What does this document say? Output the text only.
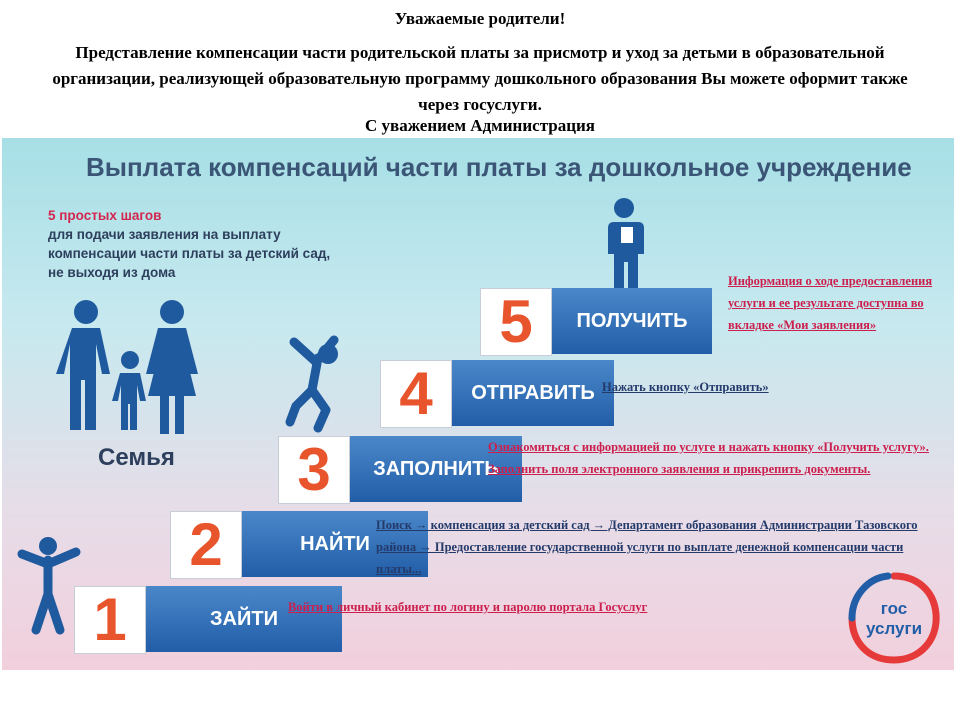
Уважаемые родители!
Представление компенсации части родительской платы за присмотр и уход за детьми в образовательной организации, реализующей образовательную программу дошкольного образования Вы можете оформит также через госуслуги.
С уважением Администрация
Выплата компенсаций части платы за дошкольное учреждение
5 простых шагов
для подачи заявления на выплату
компенсации части платы за детский сад,
не выходя из дома
Семья
1	ЗАЙТИ
Войти в личный кабинет по логину и паролю портала Госуслуг
2	НАЙТИ
Поиск → компенсация за детский сад → Департамент образования Администрации Тазовского района → Предоставление государственной услуги по выплате денежной компенсации части платы...
3	ЗАПОЛНИТЬ
Ознакомиться с информацией по услуге и нажать кнопку «Получить услугу». Заполнить поля электронного заявления и прикрепить документы.
4	ОТПРАВИТЬ Нажать кнопку «Отправить»
5	ПОЛУЧИТЬ
Информация о ходе предоставления услуги и ее результате доступна во вкладке «Мои заявления»
гос
услуги
